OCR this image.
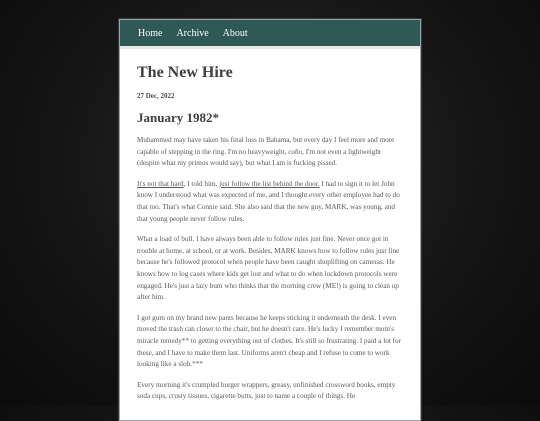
Home Archive About
The New Hire
27 Dec, 2022
January 1982*

Muhammed may have taken his final loss in Bahama, but every day I feel more and more capable of stepping in the ring. I'm no heavyweight, coño, I'm not even a lightweight (despite what my primos would say), but what I am is fucking pissed.

It's not that hard, I told him, just follow the list behind the door. I had to sign it to let John know I understood what was expected of me, and I thought every other employee had to do that too. That's what Connie said. She also said that the new guy, MARK, was young, and that young people never follow rules.

What a load of bull. I have always been able to follow rules just fine. Never once got in trouble at home, at school, or at work. Besides, MARK knows how to follow rules just fine because he's followed protocol when people have been caught shoplifting on cameras. He knows how to log cases where kids get lost and what to do when lockdown protocols were engaged. He's just a lazy bum who thinks that the morning crew (ME!) is going to clean up after him.

I got gum on my brand new pants because he keeps sticking it underneath the desk. I even moved the trash can closer to the chair, but he doesn't care. He's lucky I remember mom's miracle remedy** to getting everything out of clothes. It's still so frustrating. I paid a lot for these, and I have to make them last. Uniforms aren't cheap and I refuse to come to work looking like a slob.***

Every morning it's crumpled burger wrappers, greasy, unfinished crossword books, empty soda cups, crusty tissues, cigarette butts, just to name a couple of things. He
